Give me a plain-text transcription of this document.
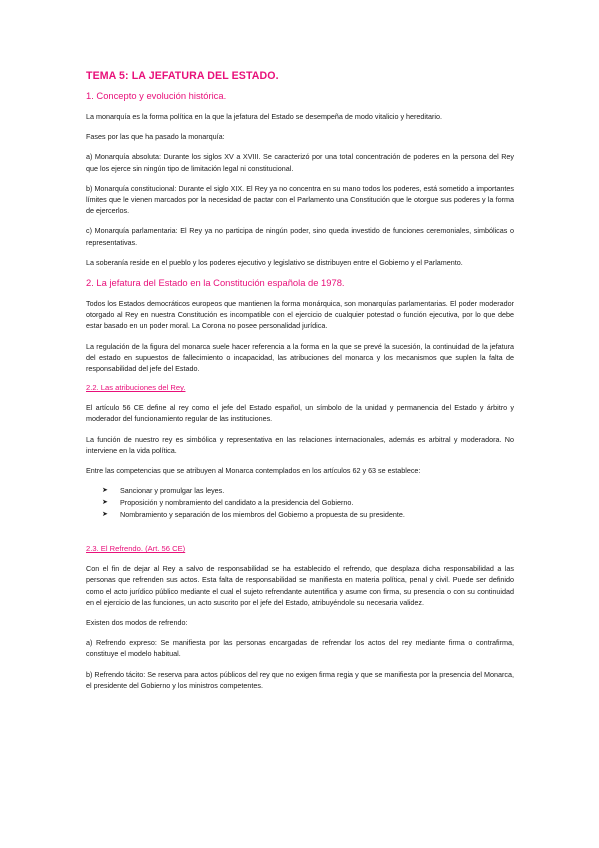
TEMA 5: LA JEFATURA DEL ESTADO.
1. Concepto y evolución histórica.

La monarquía es la forma política en la que la jefatura del Estado se desempeña de modo vitalicio y hereditario.

Fases por las que ha pasado la monarquía:

a) Monarquía absoluta: Durante los siglos XV a XVIII. Se caracterizó por una total concentración de poderes en la persona del Rey que los ejerce sin ningún tipo de limitación legal ni constitucional.

b) Monarquía constitucional: Durante el siglo XIX. El Rey ya no concentra en su mano todos los poderes, está sometido a importantes límites que le vienen marcados por la necesidad de pactar con el Parlamento una Constitución que le otorgue sus poderes y la forma de ejercerlos.

c) Monarquía parlamentaria: El Rey ya no participa de ningún poder, sino queda investido de funciones ceremoniales, simbólicas o representativas.

La soberanía reside en el pueblo y los poderes ejecutivo y legislativo se distribuyen entre el Gobierno y el Parlamento.

2. La jefatura del Estado en la Constitución española de 1978.

Todos los Estados democráticos europeos que mantienen la forma monárquica, son monarquías parlamentarias. El poder moderador otorgado al Rey en nuestra Constitución es incompatible con el ejercicio de cualquier potestad o función ejecutiva, por lo que debe estar basado en un poder moral. La Corona no posee personalidad jurídica.

La regulación de la figura del monarca suele hacer referencia a la forma en la que se prevé la sucesión, la continuidad de la jefatura del estado en supuestos de fallecimiento o incapacidad, las atribuciones del monarca y los mecanismos que suplen la falta de responsabilidad del jefe del Estado.

2.2. Las atribuciones del Rey.

El artículo 56 CE define al rey como el jefe del Estado español, un símbolo de la unidad y permanencia del Estado y árbitro y moderador del funcionamiento regular de las instituciones.

La función de nuestro rey es simbólica y representativa en las relaciones internacionales, además es arbitral y moderadora. No interviene en la vida política.

Entre las competencias que se atribuyen al Monarca contemplados en los artículos 62 y 63 se establece:

➤ Sancionar y promulgar las leyes.
➤ Proposición y nombramiento del candidato a la presidencia del Gobierno.
➤ Nombramiento y separación de los miembros del Gobierno a propuesta de su presidente.
2.3. El Refrendo. (Art. 56 CE)

Con el fin de dejar al Rey a salvo de responsabilidad se ha establecido el refrendo, que desplaza dicha responsabilidad a las personas que refrenden sus actos. Esta falta de responsabilidad se manifiesta en materia política, penal y civil. Puede ser definido como el acto jurídico público mediante el cual el sujeto refrendante autentifica y asume con firma, su presencia o con su continuidad en el ejercicio de las funciones, un acto suscrito por el jefe del Estado, atribuyéndole su necesaria validez.

Existen dos modos de refrendo:

a) Refrendo expreso: Se manifiesta por las personas encargadas de refrendar los actos del rey mediante firma o contrafirma, constituye el modelo habitual.

b) Refrendo tácito: Se reserva para actos públicos del rey que no exigen firma regia y que se manifiesta por la presencia del Monarca, el presidente del Gobierno y los ministros competentes.
